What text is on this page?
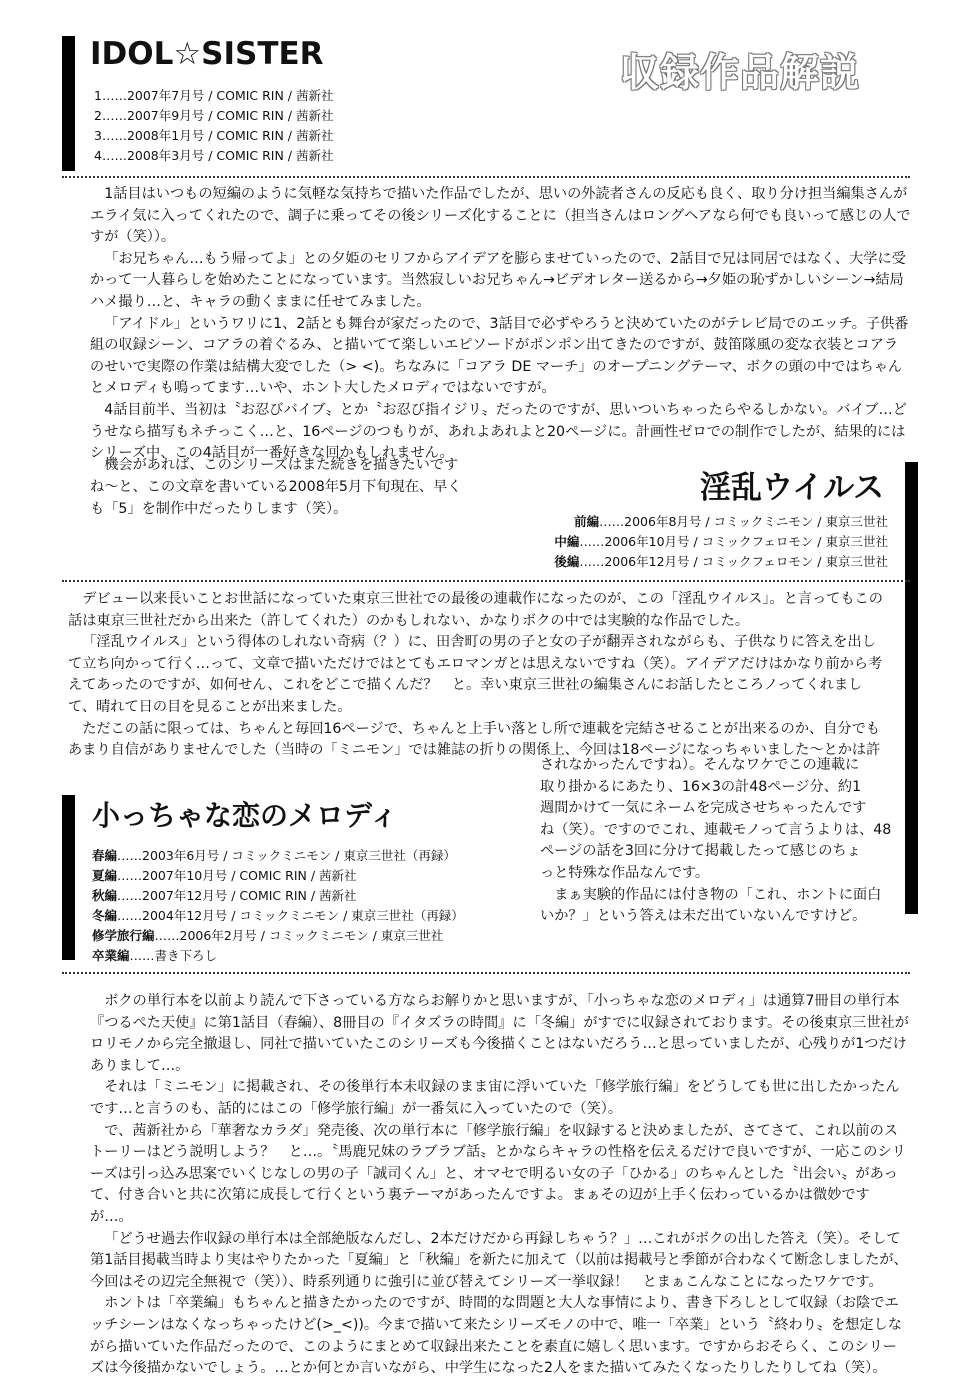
IDOL☆SISTER	収録作品解説
1……2007年7月号 / COMIC RIN / 茜新社
2……2007年9月号 / COMIC RIN / 茜新社
3……2008年1月号 / COMIC RIN / 茜新社
4……2008年3月号 / COMIC RIN / 茜新社

1話目はいつもの短編のように気軽な気持ちで描いた作品でしたが、思いの外読者さんの反応も良く、取り分け担当編集さんがエライ気に入ってくれたので、調子に乗ってその後シリーズ化することに（担当さんはロングヘアなら何でも良いって感じの人ですが（笑））。

「お兄ちゃん…もう帰ってよ」との夕姫のセリフからアイデアを膨らませていったので、2話目で兄は同居ではなく、大学に受かって一人暮らしを始めたことになっています。当然寂しいお兄ちゃん→ビデオレター送るから→夕姫の恥ずかしいシーン→結局ハメ撮り…と、キャラの動くままに任せてみました。

「アイドル」というワリに1、2話とも舞台が家だったので、3話目で必ずやろうと決めていたのがテレビ局でのエッチ。子供番組の収録シーン、コアラの着ぐるみ、と描いてて楽しいエピソードがポンポン出てきたのですが、鼓笛隊風の変な衣装とコアラのせいで実際の作業は結構大変でした（> <)。ちなみに「コアラ DE マーチ」のオープニングテーマ、ボクの頭の中ではちゃんとメロディも鳴ってます…いや、ホント大したメロディではないですが。

4話目前半、当初は〝お忍びバイブ〟とか〝お忍び指イジリ〟だったのですが、思いついちゃったらやるしかない。バイブ…どうせなら描写もネチっこく…と、16ページのつもりが、あれよあれよと20ページに。計画性ゼロでの制作でしたが、結果的にはシリーズ中、この4話目が一番好きな回かもしれません。

機会があれば、このシリーズはまた続きを描きたいです
ね〜と、この文章を書いている2008年5月下旬現在、早く
も「5」を制作中だったりします（笑）。
淫乱ウイルス
前編……2006年8月号 / コミックミニモン / 東京三世社
中編……2006年10月号 / コミックフェロモン / 東京三世社
後編……2006年12月号 / コミックフェロモン / 東京三世社

デビュー以来長いことお世話になっていた東京三世社での最後の連載作になったのが、この「淫乱ウイルス」。と言ってもこの話は東京三世社だから出来た（許してくれた）のかもしれない、かなりボクの中では実験的な作品でした。

「淫乱ウイルス」という得体のしれない奇病（？）に、田舎町の男の子と女の子が翻弄されながらも、子供なりに答えを出して立ち向かって行く…って、文章で描いただけではとてもエロマンガとは思えないですね（笑）。アイデアだけはかなり前から考えてあったのですが、如何せん、これをどこで描くんだ？　と。幸い東京三世社の編集さんにお話したところノってくれまして、晴れて日の目を見ることが出来ました。

ただこの話に限っては、ちゃんと毎回16ページで、ちゃんと上手い落とし所で連載を完結させることが出来るのか、自分でもあまり自信がありませんでした（当時の「ミニモン」では雑誌の折りの関係上、今回は18ページになっちゃいました〜とかは許

されなかったんですね）。そんなワケでこの連載に
取り掛かるにあたり、16×3の計48ページ分、約1
週間かけて一気にネームを完成させちゃったんです
ね（笑）。ですのでこれ、連載モノって言うよりは、48
ページの話を3回に分けて掲載したって感じのちょ
っと特殊な作品なんです。
まぁ実験的作品には付き物の「これ、ホントに面白
いか？」という答えは未だ出ていないんですけど。
小っちゃな恋のメロディ
春編……2003年6月号 / コミックミニモン / 東京三世社（再録）
夏編……2007年10月号 / COMIC RIN / 茜新社
秋編……2007年12月号 / COMIC RIN / 茜新社
冬編……2004年12月号 / コミックミニモン / 東京三世社（再録）
修学旅行編……2006年2月号 / コミックミニモン / 東京三世社
卒業編……書き下ろし

ボクの単行本を以前より読んで下さっている方ならお解りかと思いますが、「小っちゃな恋のメロディ」は通算7冊目の単行本『つるぺた天使』に第1話目（春編）、8冊目の『イタズラの時間』に「冬編」がすでに収録されております。その後東京三世社がロリモノから完全撤退し、同社で描いていたこのシリーズも今後描くことはないだろう…と思っていましたが、心残りが1つだけありまして…。

それは「ミニモン」に掲載され、その後単行本未収録のまま宙に浮いていた「修学旅行編」をどうしても世に出したかったんです…と言うのも、話的にはこの「修学旅行編」が一番気に入っていたので（笑）。

で、茜新社から「華奢なカラダ」発売後、次の単行本に「修学旅行編」を収録すると決めましたが、さてさて、これ以前のストーリーはどう説明しよう？　と…。〝馬鹿兄妹のラブラブ話〟とかならキャラの性格を伝えるだけで良いですが、一応このシリーズは引っ込み思案でいくじなしの男の子「誠司くん」と、オマセで明るい女の子「ひかる」のちゃんとした〝出会い〟があって、付き合いと共に次第に成長して行くという裏テーマがあったんですよ。まぁその辺が上手く伝わっているかは微妙ですが…。

「どうせ過去作収録の単行本は全部絶版なんだし、2本だけだから再録しちゃう？」…これがボクの出した答え（笑）。そして第1話目掲載当時より実はやりたかった「夏編」と「秋編」を新たに加えて（以前は掲載号と季節が合わなくて断念しましたが、今回はその辺完全無視で（笑））、時系列通りに強引に並び替えてシリーズ一挙収録！　とまぁこんなことになったワケです。

ホントは「卒業編」もちゃんと描きたかったのですが、時間的な問題と大人な事情により、書き下ろしとして収録（お陰でエッチシーンはなくなっちゃったけど(>_<))。今まで描いて来たシリーズモノの中で、唯一「卒業」という〝終わり〟を想定しながら描いていた作品だったので、このようにまとめて収録出来たことを素直に嬉しく思います。ですからおそらく、このシリーズは今後描かないでしょう。…とか何とか言いながら、中学生になった2人をまた描いてみたくなったりしたりしてね（笑）。
